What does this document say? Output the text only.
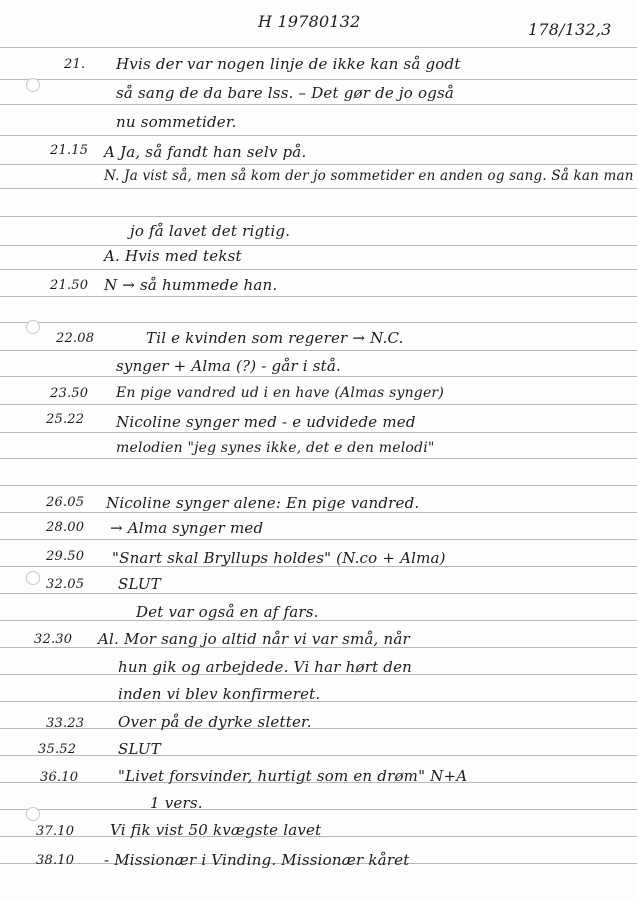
H 19780132	178/132,3
21. Hvis der var nogen linje de ikke kan så godt
så sang de da bare lss. – Det gør de jo også
nu sommetider.
21.15 A Ja, så fandt han selv på.
N. Ja vist så, men så kom der jo sommetider en anden og sang. Så kan man
jo få lavet det rigtig.
A. Hvis med tekst
21.50 N → så hummede han.
22.08	Til e kvinden som regerer → N.C.
synger + Alma (?) - går i stå.
23.50 En pige vandred ud i en have (Almas synger)
25.22 Nicoline synger med - e udvidede med
melodien "jeg synes ikke, det e den melodi"
26.05 Nicoline synger alene: En pige vandred.
28.00 → Alma synger med
29.50 "Snart skal Bryllups holdes" (N.co + Alma)
32.05 SLUT
Det var også en af fars.
32.30 Al. Mor sang jo altid når vi var små, når
hun gik og arbejdede. Vi har hørt den
inden vi blev konfirmeret.
33.23 Over på de dyrke sletter.
35.52	SLUT
36.10	"Livet forsvinder, hurtigt som en drøm" N+A
1 vers.
37.10 Vi fik vist 50 kvægste lavet
38.10 - Missionær i Vinding. Missionær kåret
